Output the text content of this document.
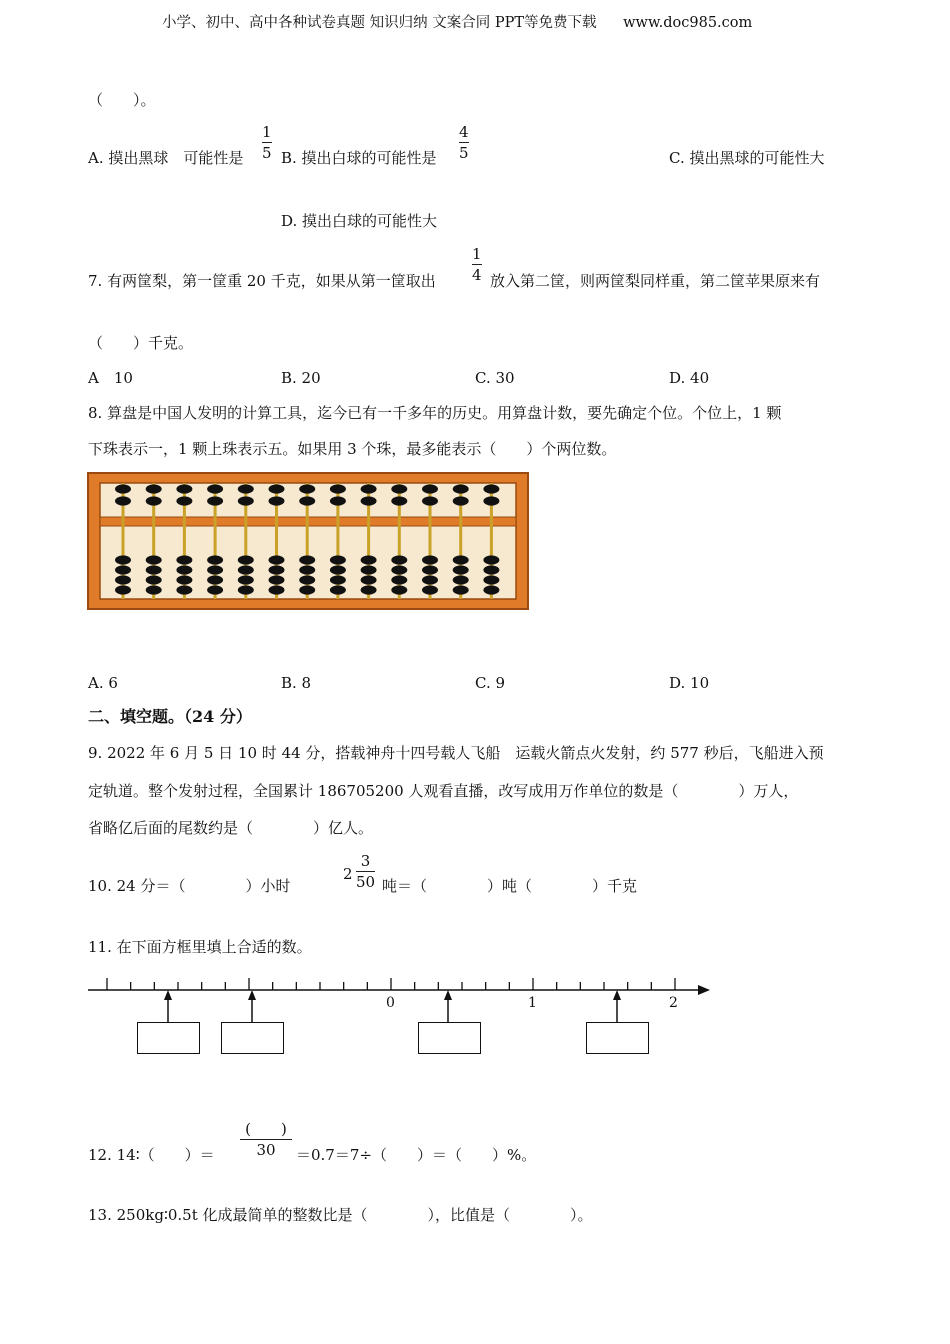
小学、初中、高中各种试卷真题 知识归纳 文案合同 PPT等免费下载 www.doc985.com
（　　）。
A. 摸出黑球　可能性是
1
5 B. 摸出白球的可能性是
4
5	C. 摸出黑球的可能性大
D. 摸出白球的可能性大
7. 有两筐梨，第一筐重 20 千克，如果从第一筐取出
1
4 放入第二筐，则两筐梨同样重，第二筐苹果原来有
（　　）千克。
A　10	B. 20	C. 30	D. 40
8. 算盘是中国人发明的计算工具，迄今已有一千多年的历史。用算盘计数，要先确定个位。个位上，1 颗
下珠表示一，1 颗上珠表示五。如果用 3 个珠，最多能表示（　　）个两位数。
A. 6	B. 8	C. 9	D. 10
二、填空题。（24 分）
9. 2022 年 6 月 5 日 10 时 44 分，搭载神舟十四号载人飞船　运载火箭点火发射，约 577 秒后，飞船进入预
定轨道。整个发射过程，全国累计 186705200 人观看直播，改写成用万作单位的数是（　　　　）万人，
省略亿后面的尾数约是（　　　　）亿人。
10. 24 分＝（　　　　）小时
2
3
50 吨＝（　　　　）吨（　　　　）千克
11. 在下面方框里填上合适的数。
0	1	2
12. 14∶（　　）＝
(　　)
30 ＝0.7＝7÷（　　）＝（　　）%。
13. 250kg∶0.5t 化成最简单的整数比是（　　　　），比值是（　　　　）。
